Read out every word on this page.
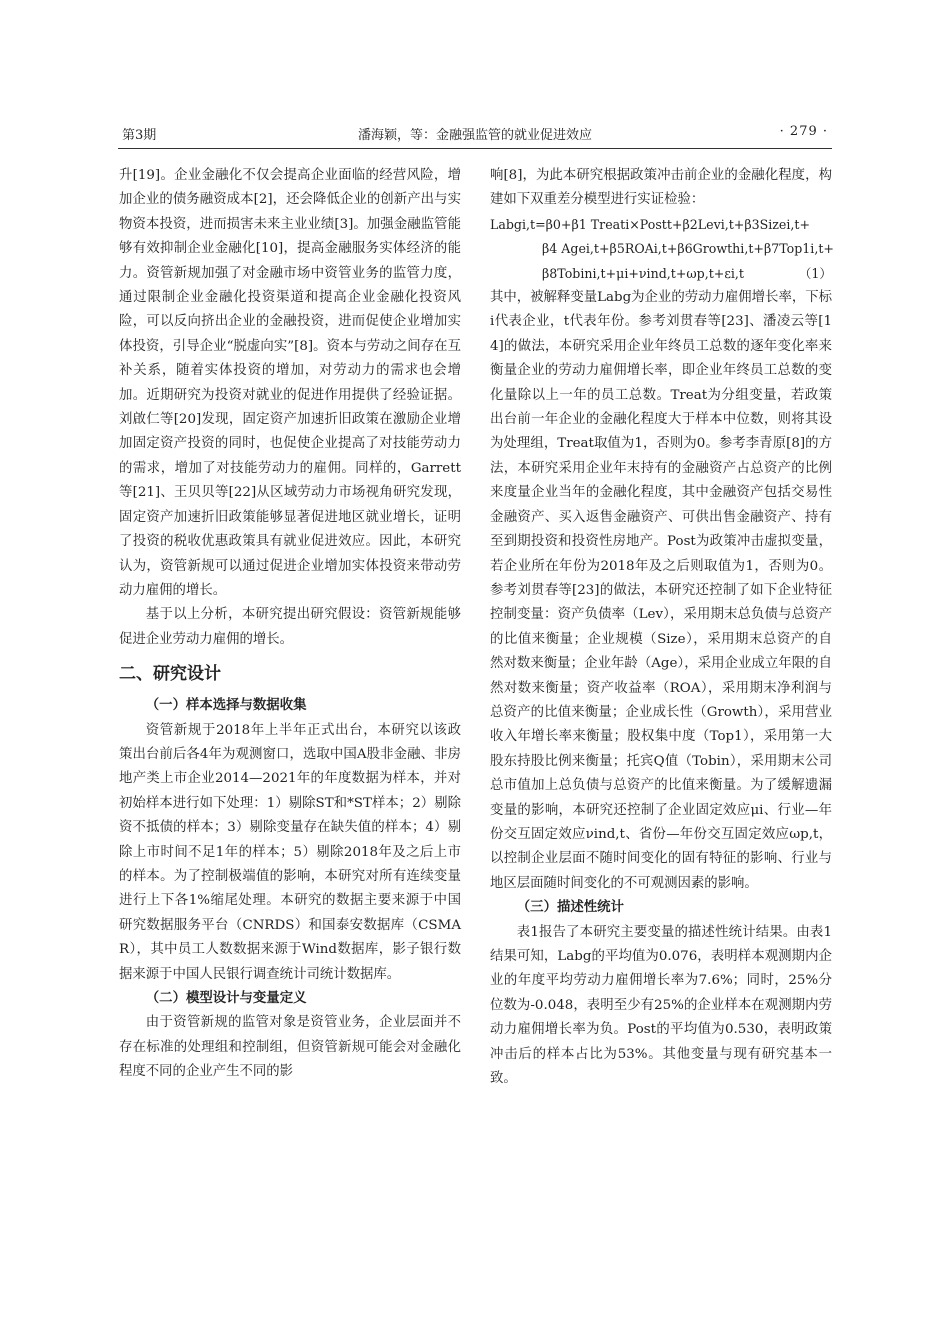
第3期	潘海颖，等：金融强监管的就业促进效应	· 279 ·

升[19]。企业金融化不仅会提高企业面临的经营风险，增加企业的债务融资成本[2]，还会降低企业的创新产出与实物资本投资，进而损害未来主业业绩[3]。加强金融监管能够有效抑制企业金融化[10]，提高金融服务实体经济的能力。资管新规加强了对金融市场中资管业务的监管力度，通过限制企业金融化投资渠道和提高企业金融化投资风险，可以反向挤出企业的金融投资，进而促使企业增加实体投资，引导企业“脱虚向实”[8]。资本与劳动之间存在互补关系，随着实体投资的增加，对劳动力的需求也会增加。近期研究为投资对就业的促进作用提供了经验证据。刘啟仁等[20]发现，固定资产加速折旧政策在激励企业增加固定资产投资的同时，也促使企业提高了对技能劳动力的需求，增加了对技能劳动力的雇佣。同样的，Garrett等[21]、王贝贝等[22]从区域劳动力市场视角研究发现，固定资产加速折旧政策能够显著促进地区就业增长，证明了投资的税收优惠政策具有就业促进效应。因此，本研究认为，资管新规可以通过促进企业增加实体投资来带动劳动力雇佣的增长。

基于以上分析，本研究提出研究假设：资管新规能够促进企业劳动力雇佣的增长。

二、研究设计
（一）样本选择与数据收集

资管新规于2018年上半年正式出台，本研究以该政策出台前后各4年为观测窗口，选取中国A股非金融、非房地产类上市企业2014—2021年的年度数据为样本，并对初始样本进行如下处理：1）剔除ST和*ST样本；2）剔除资不抵债的样本；3）剔除变量存在缺失值的样本；4）剔除上市时间不足1年的样本；5）剔除2018年及之后上市的样本。为了控制极端值的影响，本研究对所有连续变量进行上下各1%缩尾处理。本研究的数据主要来源于中国研究数据服务平台（CNRDS）和国泰安数据库（CSMAR），其中员工人数数据来源于Wind数据库，影子银行数据来源于中国人民银行调查统计司统计数据库。

（二）模型设计与变量定义

由于资管新规的监管对象是资管业务，企业层面并不存在标准的处理组和控制组，但资管新规可能会对金融化程度不同的企业产生不同的影

响[8]，为此本研究根据政策冲击前企业的金融化程度，构建如下双重差分模型进行实证检验：

Labgi,t=β0+β1 Treati×Postt+β2Levi,t+β3Sizei,t+
β4 Agei,t+β5ROAi,t+β6Growthi,t+β7Top1i,t+
β8Tobini,t+μi+νind,t+ωp,t+εi,t	（1）

其中，被解释变量Labg为企业的劳动力雇佣增长率，下标i代表企业，t代表年份。参考刘贯春等[23]、潘凌云等[14]的做法，本研究采用企业年终员工总数的逐年变化率来衡量企业的劳动力雇佣增长率，即企业年终员工总数的变化量除以上一年的员工总数。Treat为分组变量，若政策出台前一年企业的金融化程度大于样本中位数，则将其设为处理组，Treat取值为1，否则为0。参考李青原[8]的方法，本研究采用企业年末持有的金融资产占总资产的比例来度量企业当年的金融化程度，其中金融资产包括交易性金融资产、买入返售金融资产、可供出售金融资产、持有至到期投资和投资性房地产。Post为政策冲击虚拟变量，若企业所在年份为2018年及之后则取值为1，否则为0。参考刘贯春等[23]的做法，本研究还控制了如下企业特征控制变量：资产负债率（Lev），采用期末总负债与总资产的比值来衡量；企业规模（Size），采用期末总资产的自然对数来衡量；企业年龄（Age），采用企业成立年限的自然对数来衡量；资产收益率（ROA），采用期末净利润与总资产的比值来衡量；企业成长性（Growth），采用营业收入年增长率来衡量；股权集中度（Top1），采用第一大股东持股比例来衡量；托宾Q值（Tobin），采用期末公司总市值加上总负债与总资产的比值来衡量。为了缓解遗漏变量的影响，本研究还控制了企业固定效应μi、行业—年份交互固定效应νind,t、省份—年份交互固定效应ωp,t，以控制企业层面不随时间变化的固有特征的影响、行业与地区层面随时间变化的不可观测因素的影响。

（三）描述性统计

表1报告了本研究主要变量的描述性统计结果。由表1结果可知，Labg的平均值为0.076，表明样本观测期内企业的年度平均劳动力雇佣增长率为7.6%；同时，25%分位数为-0.048，表明至少有25%的企业样本在观测期内劳动力雇佣增长率为负。Post的平均值为0.530，表明政策冲击后的样本占比为53%。其他变量与现有研究基本一致。
